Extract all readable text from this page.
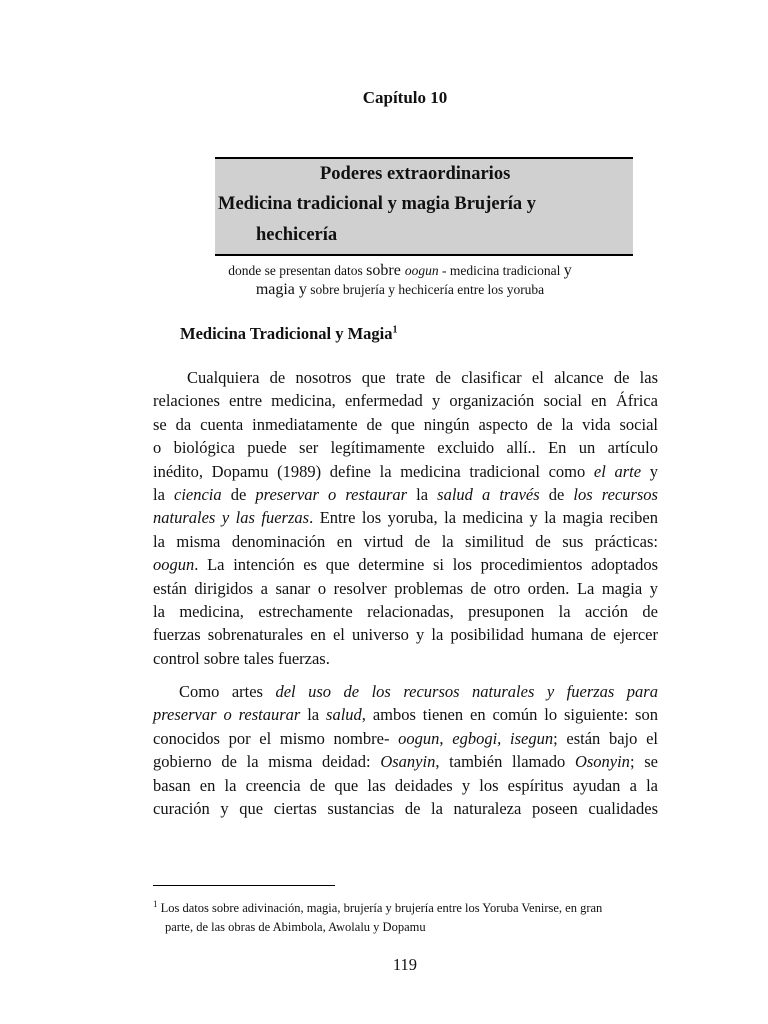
Capítulo 10
Poderes extraordinarios
Medicina tradicional y magia Brujería y
hechicería
donde se presentan datos sobre oogun - medicina tradicional y
magia y sobre brujería y hechicería entre los yoruba
Medicina Tradicional y Magia$^1$
Cualquiera de nosotros que trate de clasificar el alcance de las
relaciones entre medicina, enfermedad y organización social en África
se da cuenta inmediatamente de que ningún aspecto de la vida social
o biológica puede ser legítimamente excluido allí.. En un artículo
inédito, Dopamu (1989) define la medicina tradicional como el arte y
la ciencia de preservar o restaurar la salud a través de los recursos
naturales y las fuerzas. Entre los yoruba, la medicina y la magia reciben
la misma denominación en virtud de la similitud de sus prácticas:
oogun. La intención es que determine si los procedimientos adoptados
están dirigidos a sanar o resolver problemas de otro orden. La magia y
la medicina, estrechamente relacionadas, presuponen la acción de
fuerzas sobrenaturales en el universo y la posibilidad humana de ejercer
control sobre tales fuerzas.
Como artes del uso de los recursos naturales y fuerzas para
preservar o restaurar la salud, ambos tienen en común lo siguiente: son
conocidos por el mismo nombre- oogun, egbogi, isegun; están bajo el
gobierno de la misma deidad: Osanyin, también llamado Osonyin; se
basan en la creencia de que las deidades y los espíritus ayudan a la
curación y que ciertas sustancias de la naturaleza poseen cualidades
$^1$ Los datos sobre adivinación, magia, brujería y brujería entre los Yoruba Venirse, en gran
parte, de las obras de Abimbola, Awolalu y Dopamu
119
